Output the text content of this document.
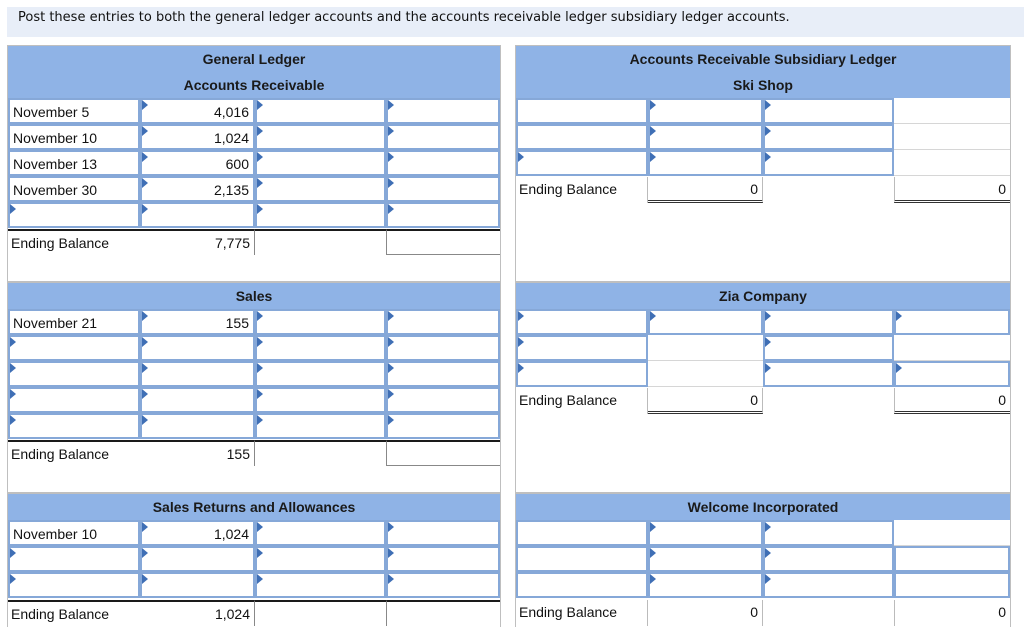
Post these entries to both the general ledger accounts and the accounts receivable ledger subsidiary ledger accounts.
General Ledger
Accounts Receivable
November 5	4,016
November 10	1,024
November 13	600
November 30	2,135
Ending Balance	7,775
Sales
November 21	155
Ending Balance	155
Sales Returns and Allowances
November 10	1,024
Ending Balance	1,024
Accounts Receivable Subsidiary Ledger
Ski Shop
Ending Balance	0	0
Zia Company
Ending Balance	0	0
Welcome Incorporated
Ending Balance	0	0
